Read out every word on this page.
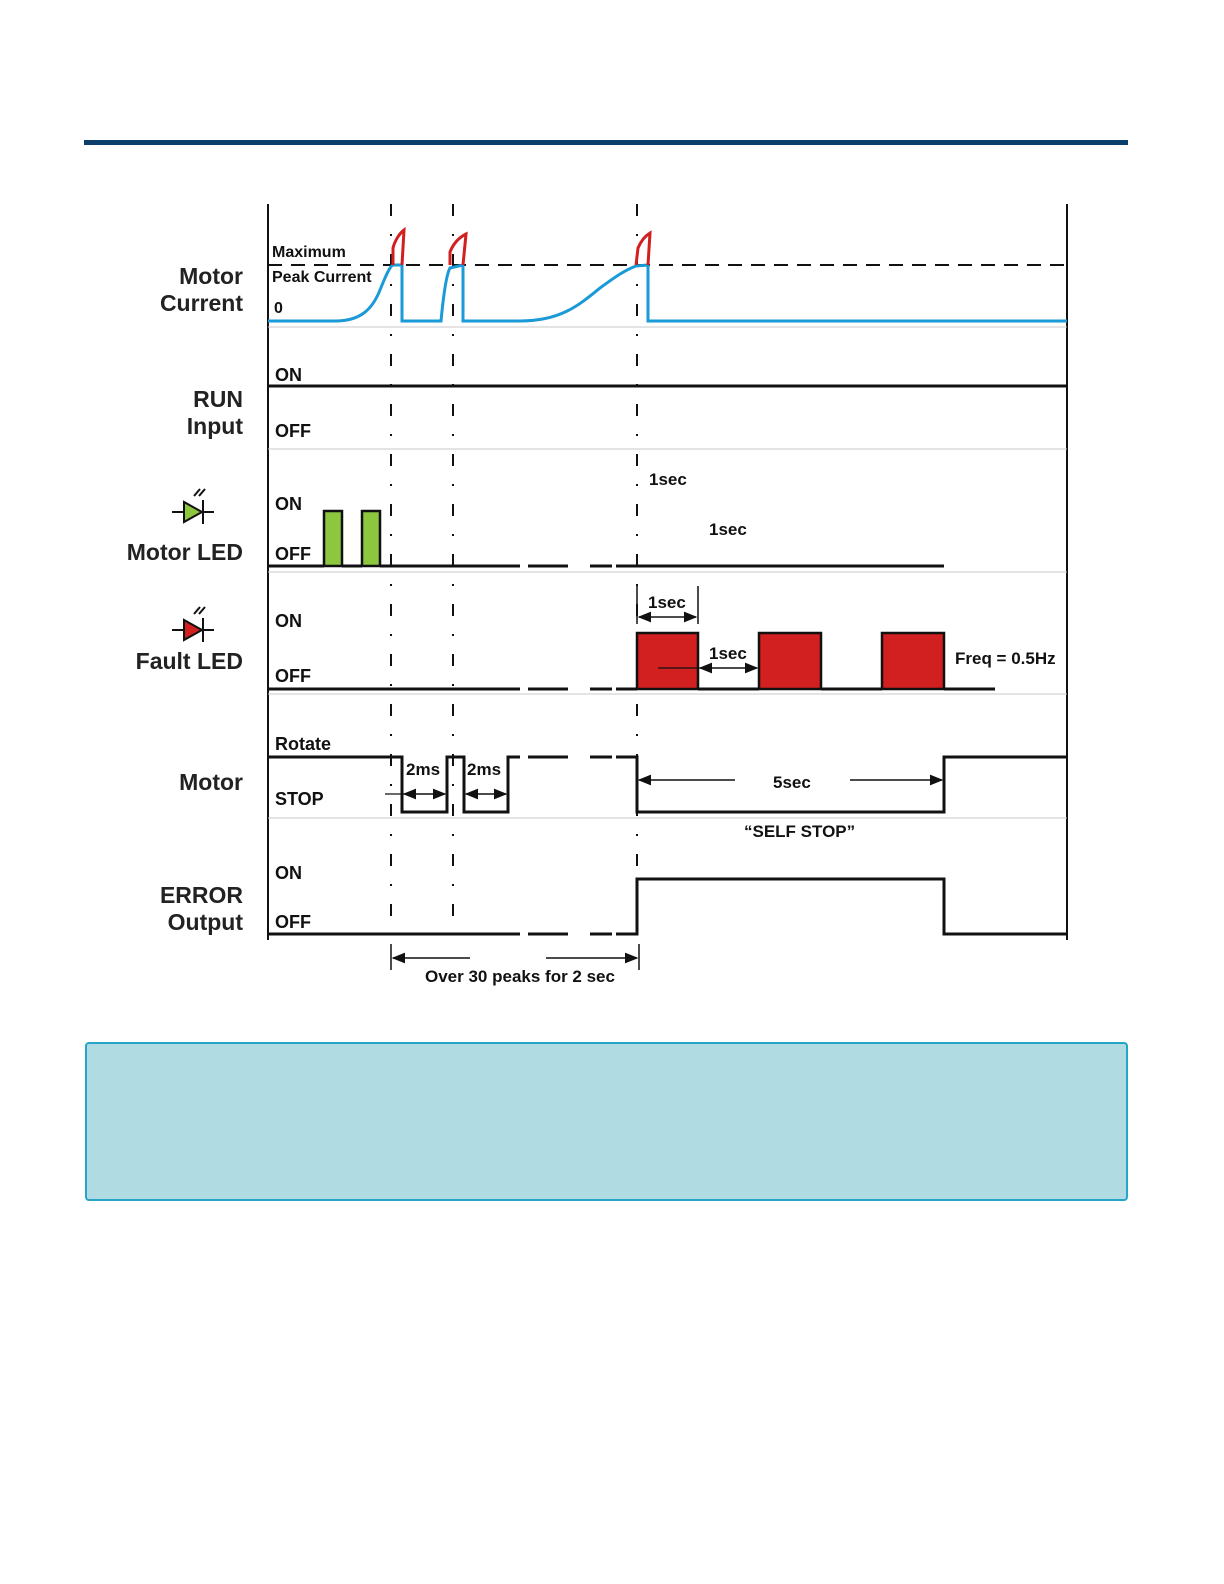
Motor
Current
RUN
Input
Motor LED
Fault LED
Motor
ERROR
Output
Maximum
Peak Current
0
ON
OFF
ON
OFF
ON
OFF
Rotate
STOP
ON
OFF
1sec
1sec
1sec
1sec	Freq = 0.5Hz
2ms 2ms
5sec
“SELF STOP”
Over 30 peaks for 2 sec
